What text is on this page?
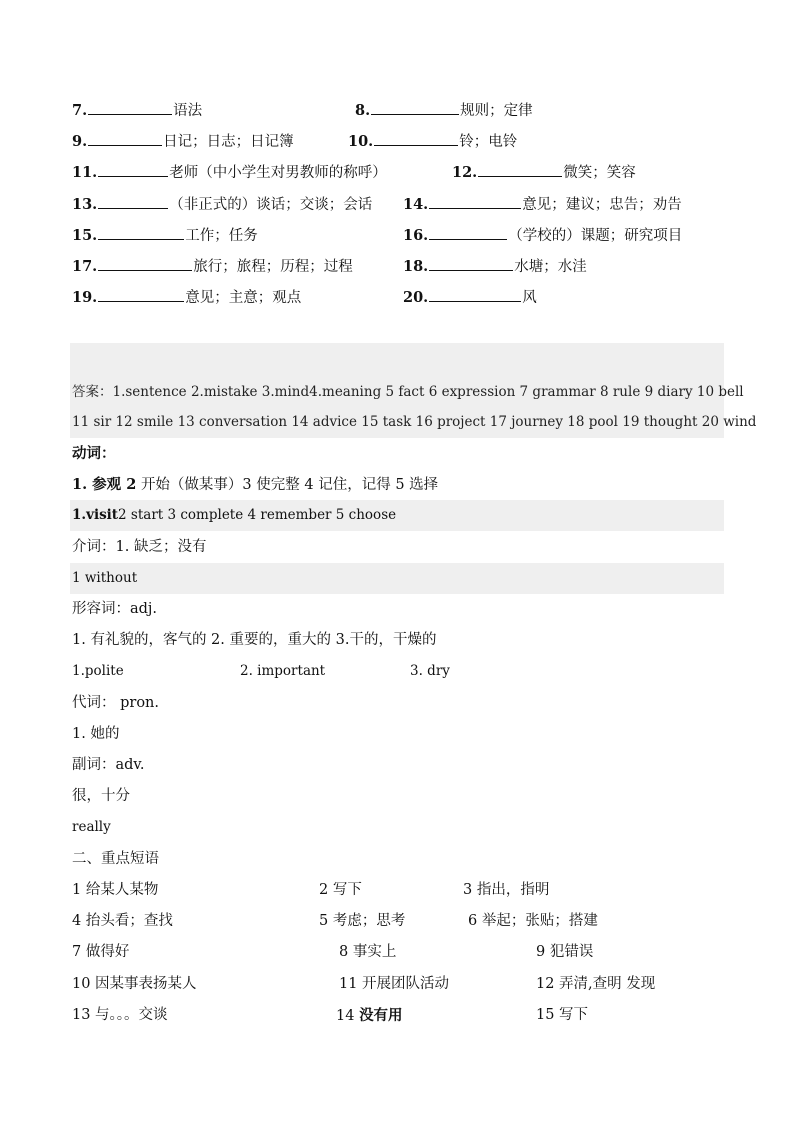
7.	语法	8.	规则；定律
9.	日记；日志；日记簿	10.	铃；电铃
11.	老师（中小学生对男教师的称呼）	12.	微笑；笑容
13.	（非正式的）谈话；交谈；会话 14.	意见；建议；忠告；劝告
15.	工作；任务	16.	（学校的）课题；研究项目
17.	旅行；旅程；历程；过程	18.	水塘；水洼
19.	意见；主意；观点	20.	风
答案：1.sentence 2.mistake 3.mind4.meaning 5 fact 6 expression 7 grammar 8 rule 9 diary 10 bell
11 sir 12 smile 13 conversation 14 advice 15 task 16 project 17 journey 18 pool 19 thought 20 wind
动词：
1. 参观 2 开始（做某事）3 使完整 4 记住，记得 5 选择
1.visit2 start 3 complete 4 remember 5 choose
介词：1. 缺乏；没有
1 without
形容词：adj.
1. 有礼貌的，客气的 2. 重要的，重大的 3.干的，干燥的
1.polite	2. important	3. dry
代词： pron.
1. 她的
副词：adv.
很，十分
really
二、重点短语
1 给某人某物	2 写下	3 指出，指明
4 抬头看；查找	5 考虑；思考	6 举起；张贴；搭建
7 做得好	8 事实上	9 犯错误
10 因某事表扬某人	11 开展团队活动	12 弄清,查明 发现
13 与。。。交谈	14 没有用	15 写下
